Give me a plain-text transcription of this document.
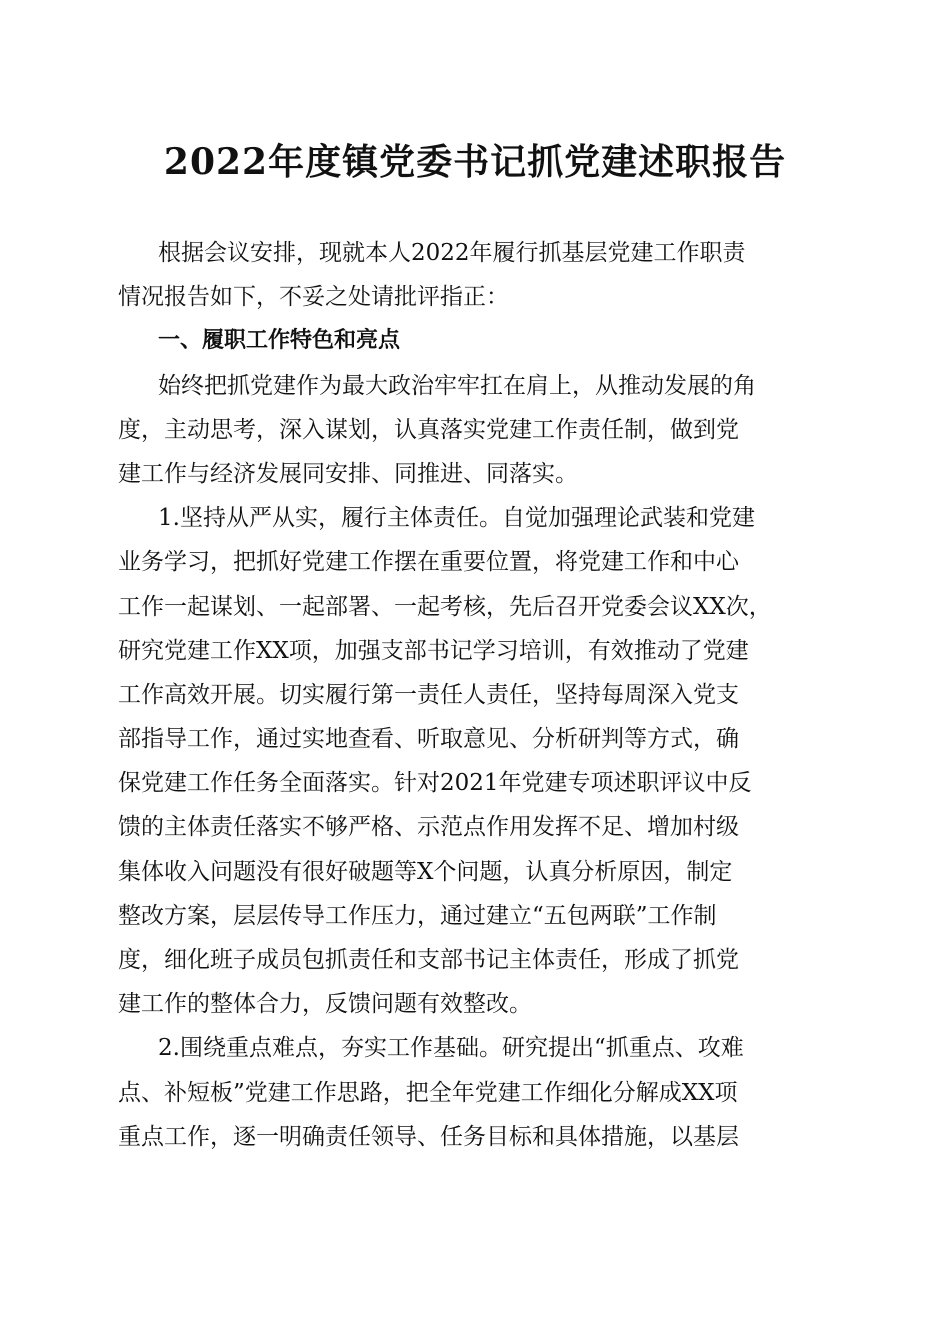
2022年度镇党委书记抓党建述职报告
根据会议安排，现就本人2022年履行抓基层党建工作职责
情况报告如下，不妥之处请批评指正：
一、履职工作特色和亮点
始终把抓党建作为最大政治牢牢扛在肩上，从推动发展的角
度，主动思考，深入谋划，认真落实党建工作责任制，做到党
建工作与经济发展同安排、同推进、同落实。
1.坚持从严从实，履行主体责任。自觉加强理论武装和党建
业务学习，把抓好党建工作摆在重要位置，将党建工作和中心
工作一起谋划、一起部署、一起考核，先后召开党委会议XX次，
研究党建工作XX项，加强支部书记学习培训，有效推动了党建
工作高效开展。切实履行第一责任人责任，坚持每周深入党支
部指导工作，通过实地查看、听取意见、分析研判等方式，确
保党建工作任务全面落实。针对2021年党建专项述职评议中反
馈的主体责任落实不够严格、示范点作用发挥不足、增加村级
集体收入问题没有很好破题等X个问题，认真分析原因，制定
整改方案，层层传导工作压力，通过建立“五包两联”工作制
度，细化班子成员包抓责任和支部书记主体责任，形成了抓党
建工作的整体合力，反馈问题有效整改。
2.围绕重点难点，夯实工作基础。研究提出“抓重点、攻难
点、补短板”党建工作思路，把全年党建工作细化分解成XX项
重点工作，逐一明确责任领导、任务目标和具体措施，以基层
